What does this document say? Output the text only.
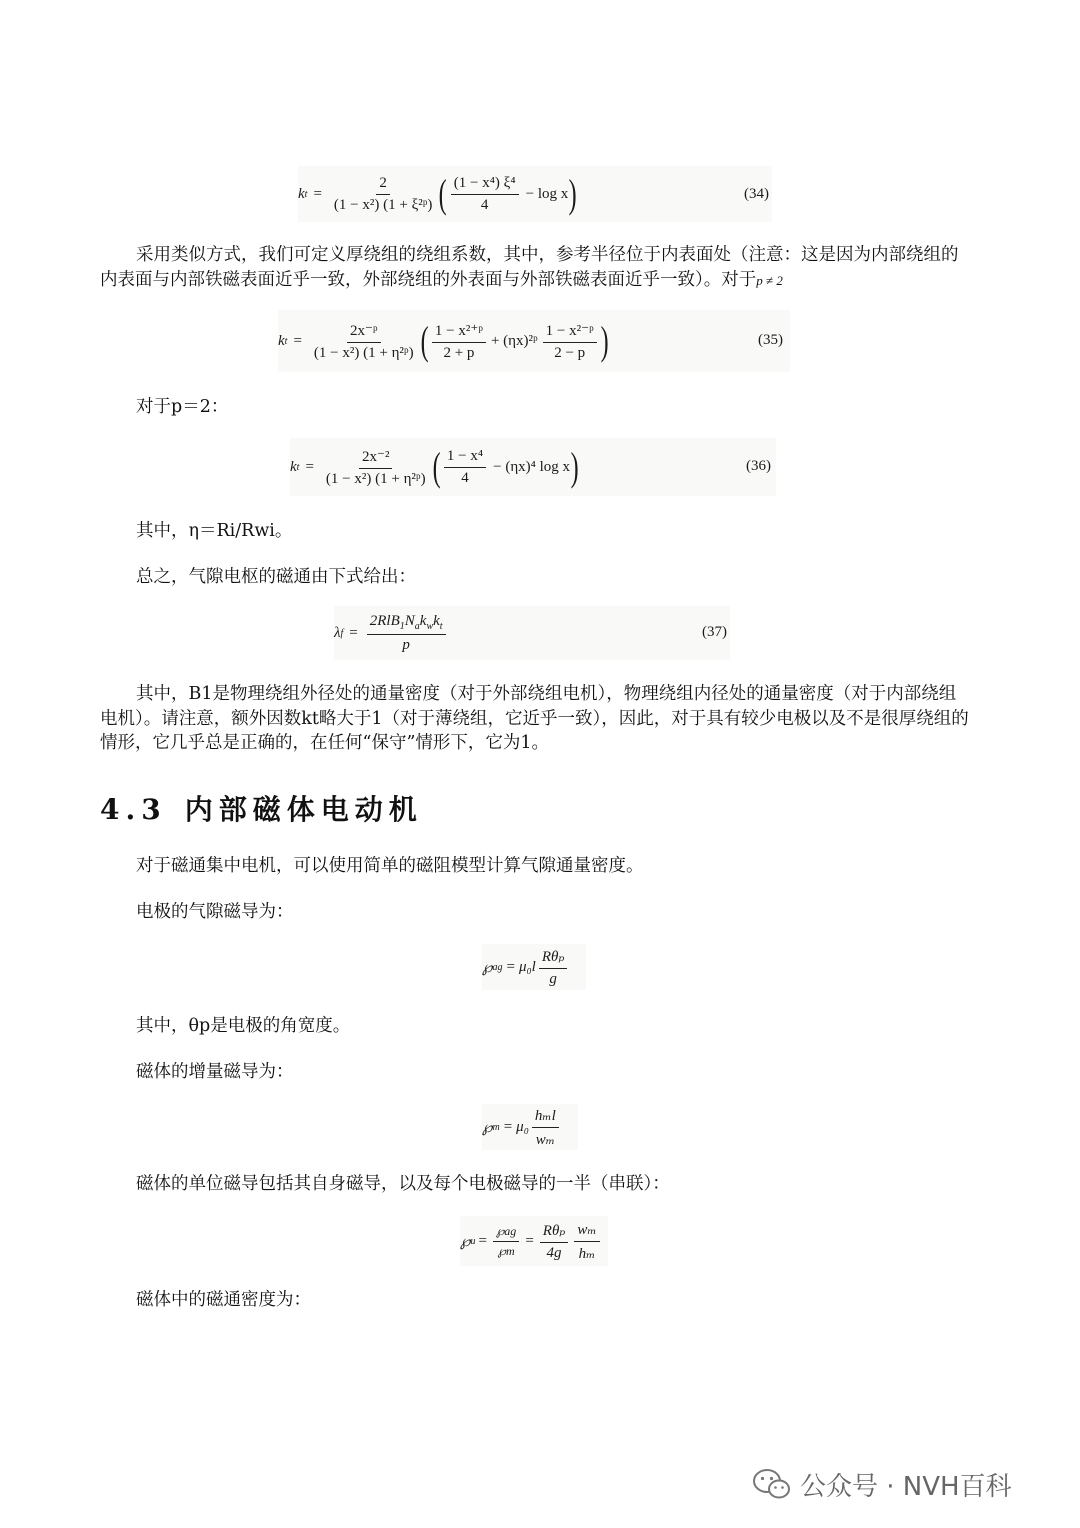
k $t = \frac{2}{\text{(1 − x²) (1 + ξ²ᵖ)}}$ ( $\frac{\text{(1 − x⁴) ξ⁴}}{4} - \log x$ )	(34)

采用类似方式，我们可定义厚绕组的绕组系数，其中，参考半径位于内表面处（注意：这是因为内部绕组的内表面与内部铁磁表面近乎一致，外部绕组的外表面与外部铁磁表面近乎一致）。对于p ≠ 2

k $t = \frac{\text{2x⁻ᵖ}}{\text{(1 − x²) (1 + η²ᵖ)}}$ ( $\frac{\text{1 − x²⁺ᵖ}}{2 + p}$ + (ηx)²ᵖ $\frac{\text{1 − x²⁻ᵖ}}{2 - p}$ )	(35)

对于p＝2：

k $t = \frac{\text{2x⁻²}}{\text{(1 − x²) (1 + η²ᵖ)}}$ ( $\frac{\text{1 − x⁴}}{4} - (\eta x)^4$ log x )	(36)

其中，η＝Ri/Rwi。

总之，气隙电枢的磁通由下式给出：

λ $f = \frac{2RlB_1N_ak_wk_t}{p}$	(37)

其中，B1是物理绕组外径处的通量密度（对于外部绕组电机），物理绕组内径处的通量密度（对于内部绕组电机）。请注意，额外因数kt略大于1（对于薄绕组，它近乎一致），因此，对于具有较少电极以及不是很厚绕组的情形，它几乎总是正确的，在任何“保守”情形下，它为1。

4.3 内部磁体电动机

对于磁通集中电机，可以使用简单的磁阻模型计算气隙通量密度。

电极的气隙磁导为：

℘ ag = $\mu_0l \frac{\text{Rθₚ}}{g}$

其中，θp是电极的角宽度。

磁体的增量磁导为：

℘ $m = \mu_0 \frac{\text{hₘl}}{\text{wₘ}}$

磁体的单位磁导包括其自身磁导，以及每个电极磁导的一半（串联）：

℘ $u = \frac{℘ag}{℘m} = \frac{\text{Rθₚ}}{4g} \frac{\text{wₘ}}{\text{hₘ}}$

磁体中的磁通密度为：

公众号 · NVH百科
